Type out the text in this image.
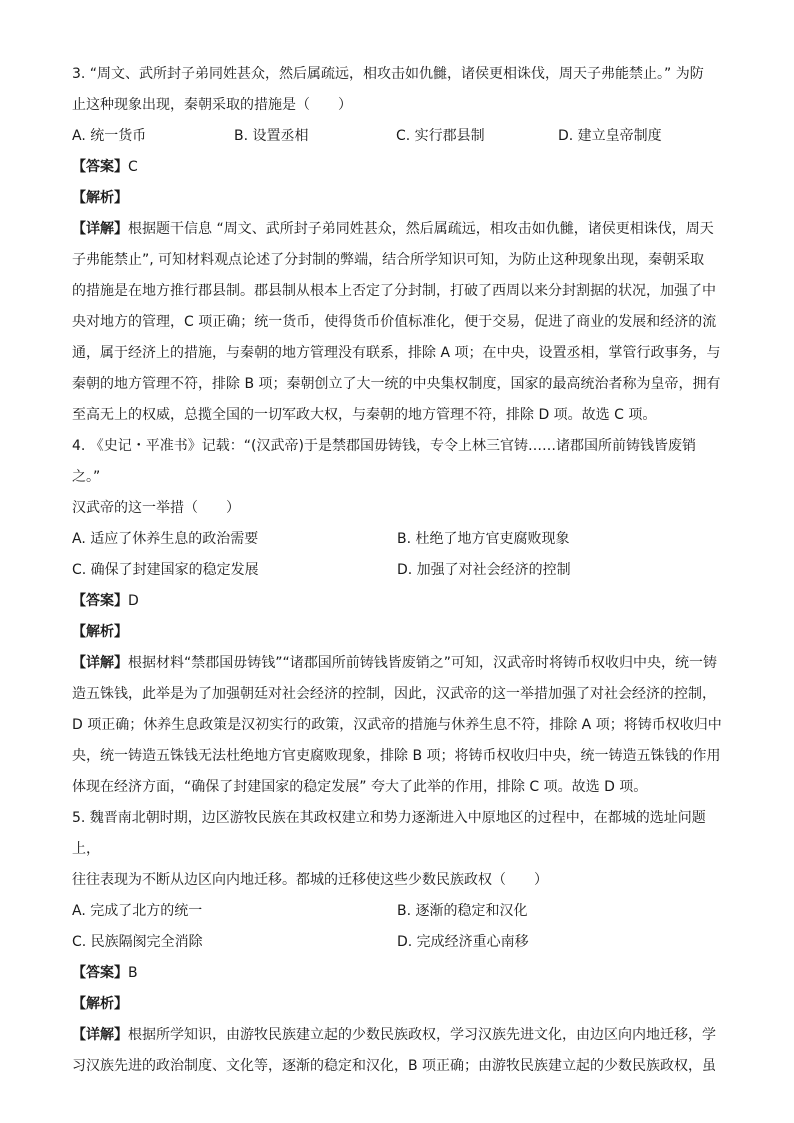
3. “周文、武所封子弟同姓甚众，然后属疏远，相攻击如仇雠，诸侯更相诛伐，周天子弗能禁止。” 为防
止这种现象出现，秦朝采取的措施是（　　）
A. 统一货币	B. 设置丞相	C. 实行郡县制	D. 建立皇帝制度
【答案】C
【解析】
【详解】根据题干信息 “周文、武所封子弟同姓甚众，然后属疏远，相攻击如仇雠，诸侯更相诛伐，周天
子弗能禁止”, 可知材料观点论述了分封制的弊端，结合所学知识可知，为防止这种现象出现，秦朝采取
的措施是在地方推行郡县制。郡县制从根本上否定了分封制，打破了西周以来分封割据的状况，加强了中
央对地方的管理，C 项正确；统一货币，使得货币价值标准化，便于交易，促进了商业的发展和经济的流
通，属于经济上的措施，与秦朝的地方管理没有联系，排除 A 项；在中央，设置丞相，掌管行政事务，与
秦朝的地方管理不符，排除 B 项；秦朝创立了大一统的中央集权制度，国家的最高统治者称为皇帝，拥有
至高无上的权威，总揽全国的一切军政大权，与秦朝的地方管理不符，排除 D 项。故选 C 项。
4. 《史记・平准书》记载：“(汉武帝)于是禁郡国毋铸钱，专令上林三官铸……诸郡国所前铸钱皆废销之。”
汉武帝的这一举措（　　）
A. 适应了休养生息的政治需要	B. 杜绝了地方官吏腐败现象
C. 确保了封建国家的稳定发展	D. 加强了对社会经济的控制
【答案】D
【解析】
【详解】根据材料“禁郡国毋铸钱”“诸郡国所前铸钱皆废销之”可知，汉武帝时将铸币权收归中央，统一铸
造五铢钱，此举是为了加强朝廷对社会经济的控制，因此，汉武帝的这一举措加强了对社会经济的控制，
D 项正确；休养生息政策是汉初实行的政策，汉武帝的措施与休养生息不符，排除 A 项；将铸币权收归中
央，统一铸造五铢钱无法杜绝地方官吏腐败现象，排除 B 项；将铸币权收归中央，统一铸造五铢钱的作用
体现在经济方面，“确保了封建国家的稳定发展” 夸大了此举的作用，排除 C 项。故选 D 项。
5. 魏晋南北朝时期，边区游牧民族在其政权建立和势力逐渐进入中原地区的过程中，在都城的选址问题上，
往往表现为不断从边区向内地迁移。都城的迁移使这些少数民族政权（　　）
A. 完成了北方的统一	B. 逐渐的稳定和汉化
C. 民族隔阂完全消除	D. 完成经济重心南移
【答案】B
【解析】
【详解】根据所学知识，由游牧民族建立起的少数民族政权，学习汉族先进文化，由边区向内地迁移，学
习汉族先进的政治制度、文化等，逐渐的稳定和汉化，B 项正确；由游牧民族建立起的少数民族政权，虽
